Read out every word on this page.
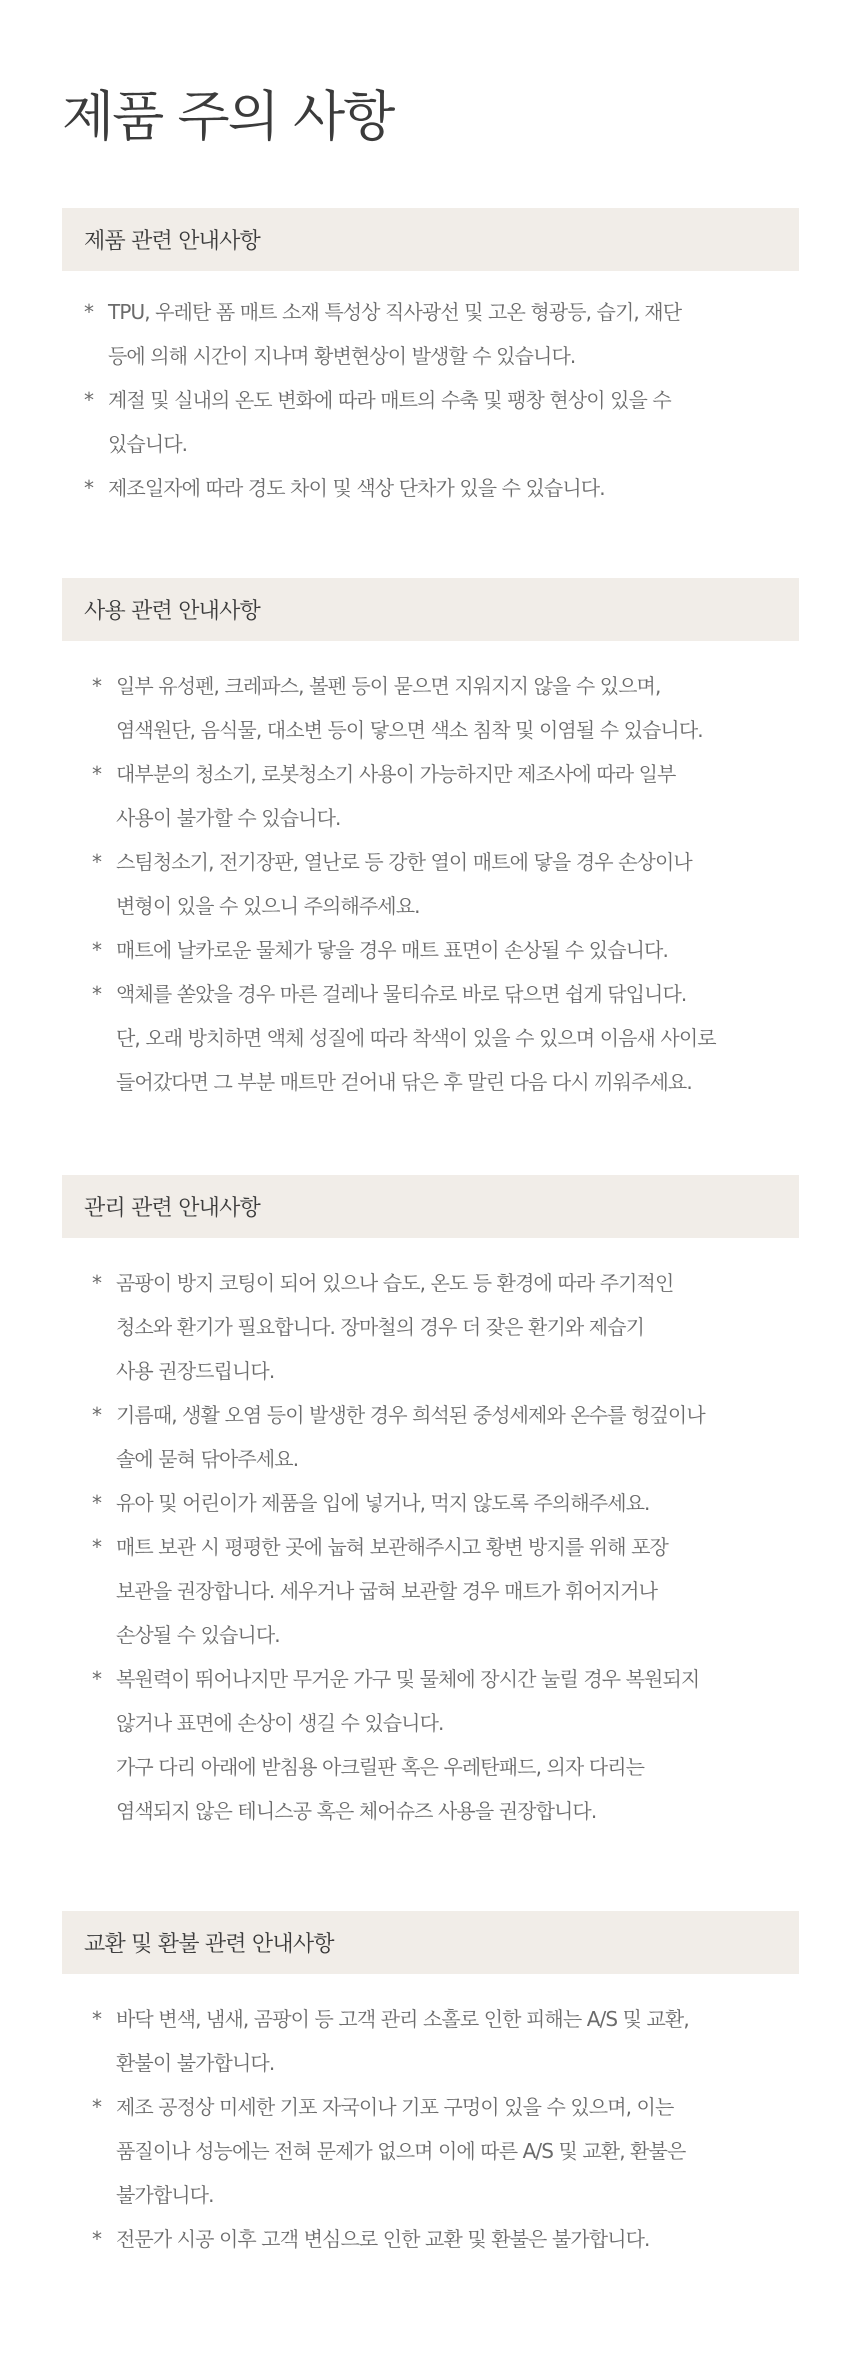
제품 주의 사항
제품 관련 안내사항
* TPU, 우레탄 폼 매트 소재 특성상 직사광선 및 고온 형광등, 습기, 재단
등에 의해 시간이 지나며 황변현상이 발생할 수 있습니다.
* 계절 및 실내의 온도 변화에 따라 매트의 수축 및 팽창 현상이 있을 수
있습니다.
* 제조일자에 따라 경도 차이 및 색상 단차가 있을 수 있습니다.
사용 관련 안내사항
* 일부 유성펜, 크레파스, 볼펜 등이 묻으면 지워지지 않을 수 있으며,
염색원단, 음식물, 대소변 등이 닿으면 색소 침착 및 이염될 수 있습니다.
* 대부분의 청소기, 로봇청소기 사용이 가능하지만 제조사에 따라 일부
사용이 불가할 수 있습니다.
* 스팀청소기, 전기장판, 열난로 등 강한 열이 매트에 닿을 경우 손상이나
변형이 있을 수 있으니 주의해주세요.
* 매트에 날카로운 물체가 닿을 경우 매트 표면이 손상될 수 있습니다.
* 액체를 쏟았을 경우 마른 걸레나 물티슈로 바로 닦으면 쉽게 닦입니다.
단, 오래 방치하면 액체 성질에 따라 착색이 있을 수 있으며 이음새 사이로
들어갔다면 그 부분 매트만 걷어내 닦은 후 말린 다음 다시 끼워주세요.
관리 관련 안내사항
* 곰팡이 방지 코팅이 되어 있으나 습도, 온도 등 환경에 따라 주기적인
청소와 환기가 필요합니다. 장마철의 경우 더 잦은 환기와 제습기
사용 권장드립니다.
* 기름때, 생활 오염 등이 발생한 경우 희석된 중성세제와 온수를 헝겊이나
솔에 묻혀 닦아주세요.
* 유아 및 어린이가 제품을 입에 넣거나, 먹지 않도록 주의해주세요.
* 매트 보관 시 평평한 곳에 눕혀 보관해주시고 황변 방지를 위해 포장
보관을 권장합니다. 세우거나 굽혀 보관할 경우 매트가 휘어지거나
손상될 수 있습니다.
* 복원력이 뛰어나지만 무거운 가구 및 물체에 장시간 눌릴 경우 복원되지
않거나 표면에 손상이 생길 수 있습니다.
가구 다리 아래에 받침용 아크릴판 혹은 우레탄패드, 의자 다리는
염색되지 않은 테니스공 혹은 체어슈즈 사용을 권장합니다.
교환 및 환불 관련 안내사항
* 바닥 변색, 냄새, 곰팡이 등 고객 관리 소홀로 인한 피해는 A/S 및 교환,
환불이 불가합니다.
* 제조 공정상 미세한 기포 자국이나 기포 구멍이 있을 수 있으며, 이는
품질이나 성능에는 전혀 문제가 없으며 이에 따른 A/S 및 교환, 환불은
불가합니다.
* 전문가 시공 이후 고객 변심으로 인한 교환 및 환불은 불가합니다.
